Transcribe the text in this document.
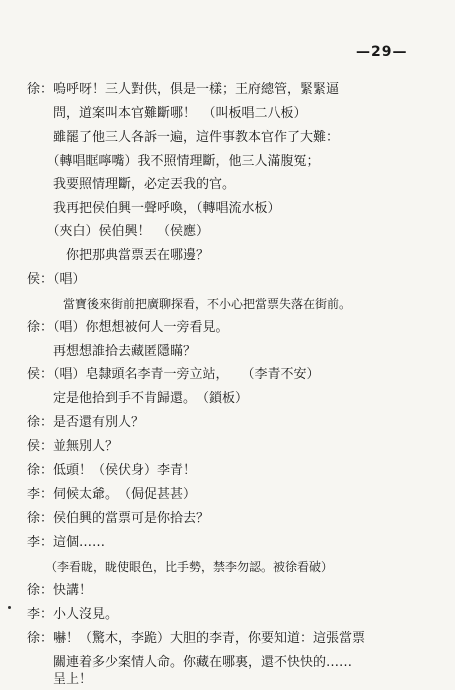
—29—
徐：嗚呼呀！三人對供，俱是一樣；王府總管，緊緊逼
　　問，道案叫本官難斷哪！　（叫板唱二八板）
　　雖罷了他三人各訴一遍，這件事教本官作了大難：
　　（轉唱眶嚀嘴）我不照情理斷，他三人滿腹冤；
　　我要照情理斷，必定丟我的官。
　　我再把侯伯興一聲呼喚，（轉唱流水板）
　　（夾白）侯伯興！　（侯應）
　　　你把那典當票丟在哪邊？
侯：（唱）
　　　當寶後來街前把廣聊探看，不小心把當票失落在街前。
徐：（唱）你想想被何人一旁看見。
　　再想想誰拾去藏匿隱瞞？
侯：（唱）皂隸頭名李青一旁立站，　　（李青不安）
　　定是他拾到手不肯歸還。　（鎖板）
徐：是否還有別人？
侯：並無別人？
徐：低頭！（侯伏身）李青！
李：伺候太爺。　（侷促甚甚）
徐：侯伯興的當票可是你拾去？
李：這個……
　　（李看眬，眬使眼色，比手勢，禁李勿認。被徐看破）
徐：快講！
李：小人沒見。
徐：嚇！（驚木，李跪）大胆的李青，你要知道：這張當票
　　關連着多少案情人命。你藏在哪裏，還不快快的……
　　呈上！
